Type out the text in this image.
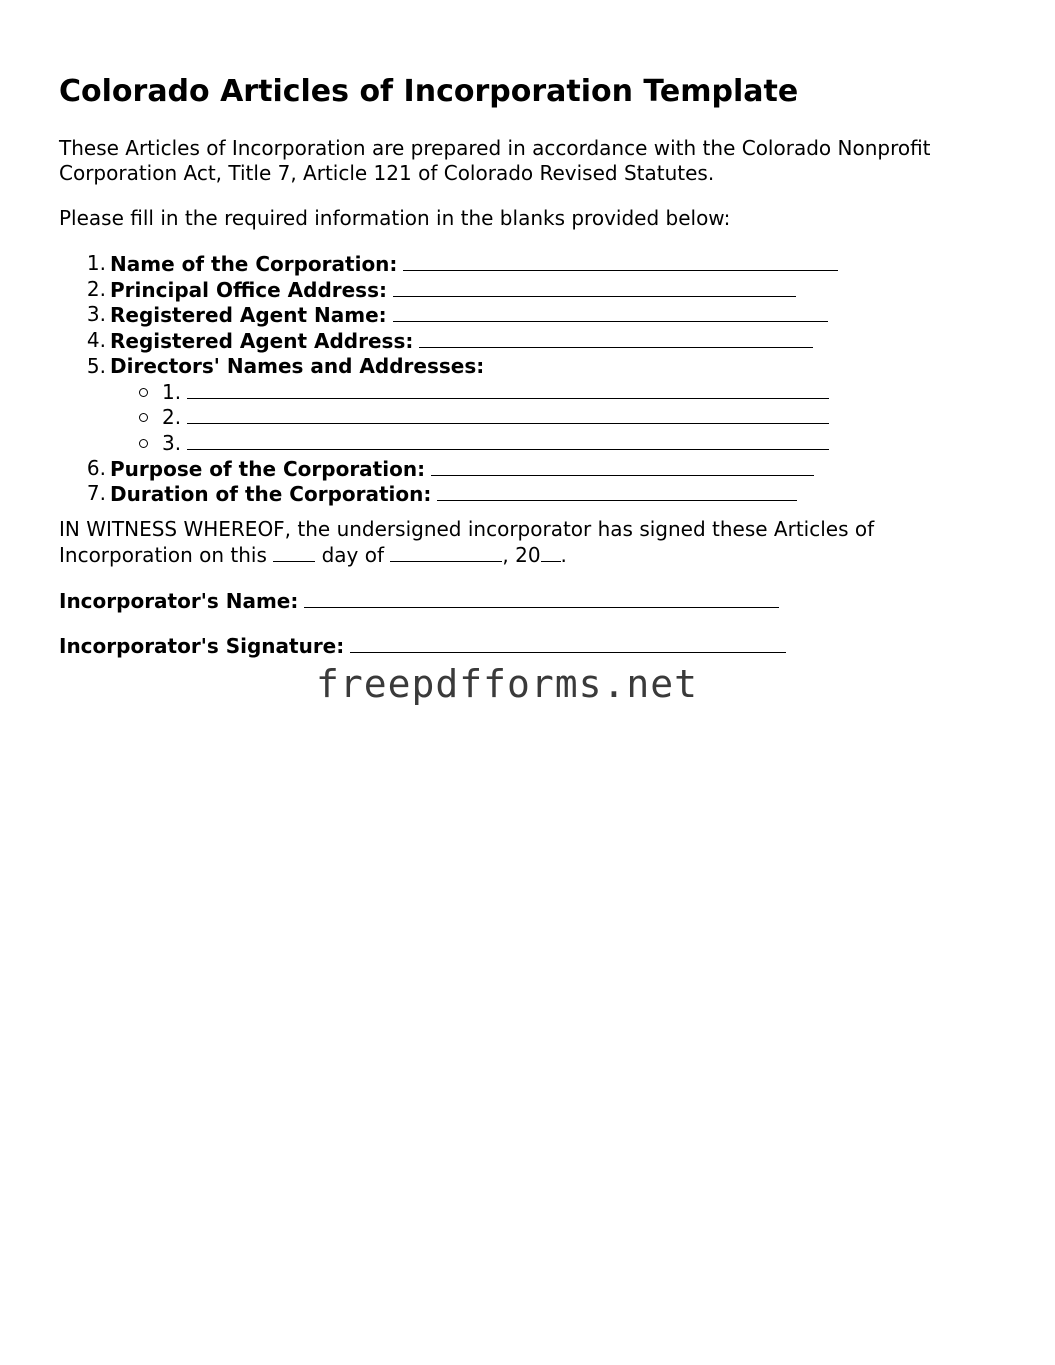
Colorado Articles of Incorporation Template
These Articles of Incorporation are prepared in accordance with the Colorado Nonprofit
Corporation Act, Title 7, Article 121 of Colorado Revised Statutes.
Please fill in the required information in the blanks provided below:
1. Name of the Corporation:
2. Principal Office Address:
3. Registered Agent Name:
4. Registered Agent Address:
5. Directors' Names and Addresses:
1.
2.
3.
6. Purpose of the Corporation:
7. Duration of the Corporation:
IN WITNESS WHEREOF, the undersigned incorporator has signed these Articles of
Incorporation on this	day of	, 20 .
Incorporator's Name:
Incorporator's Signature:
freepdfforms.net
